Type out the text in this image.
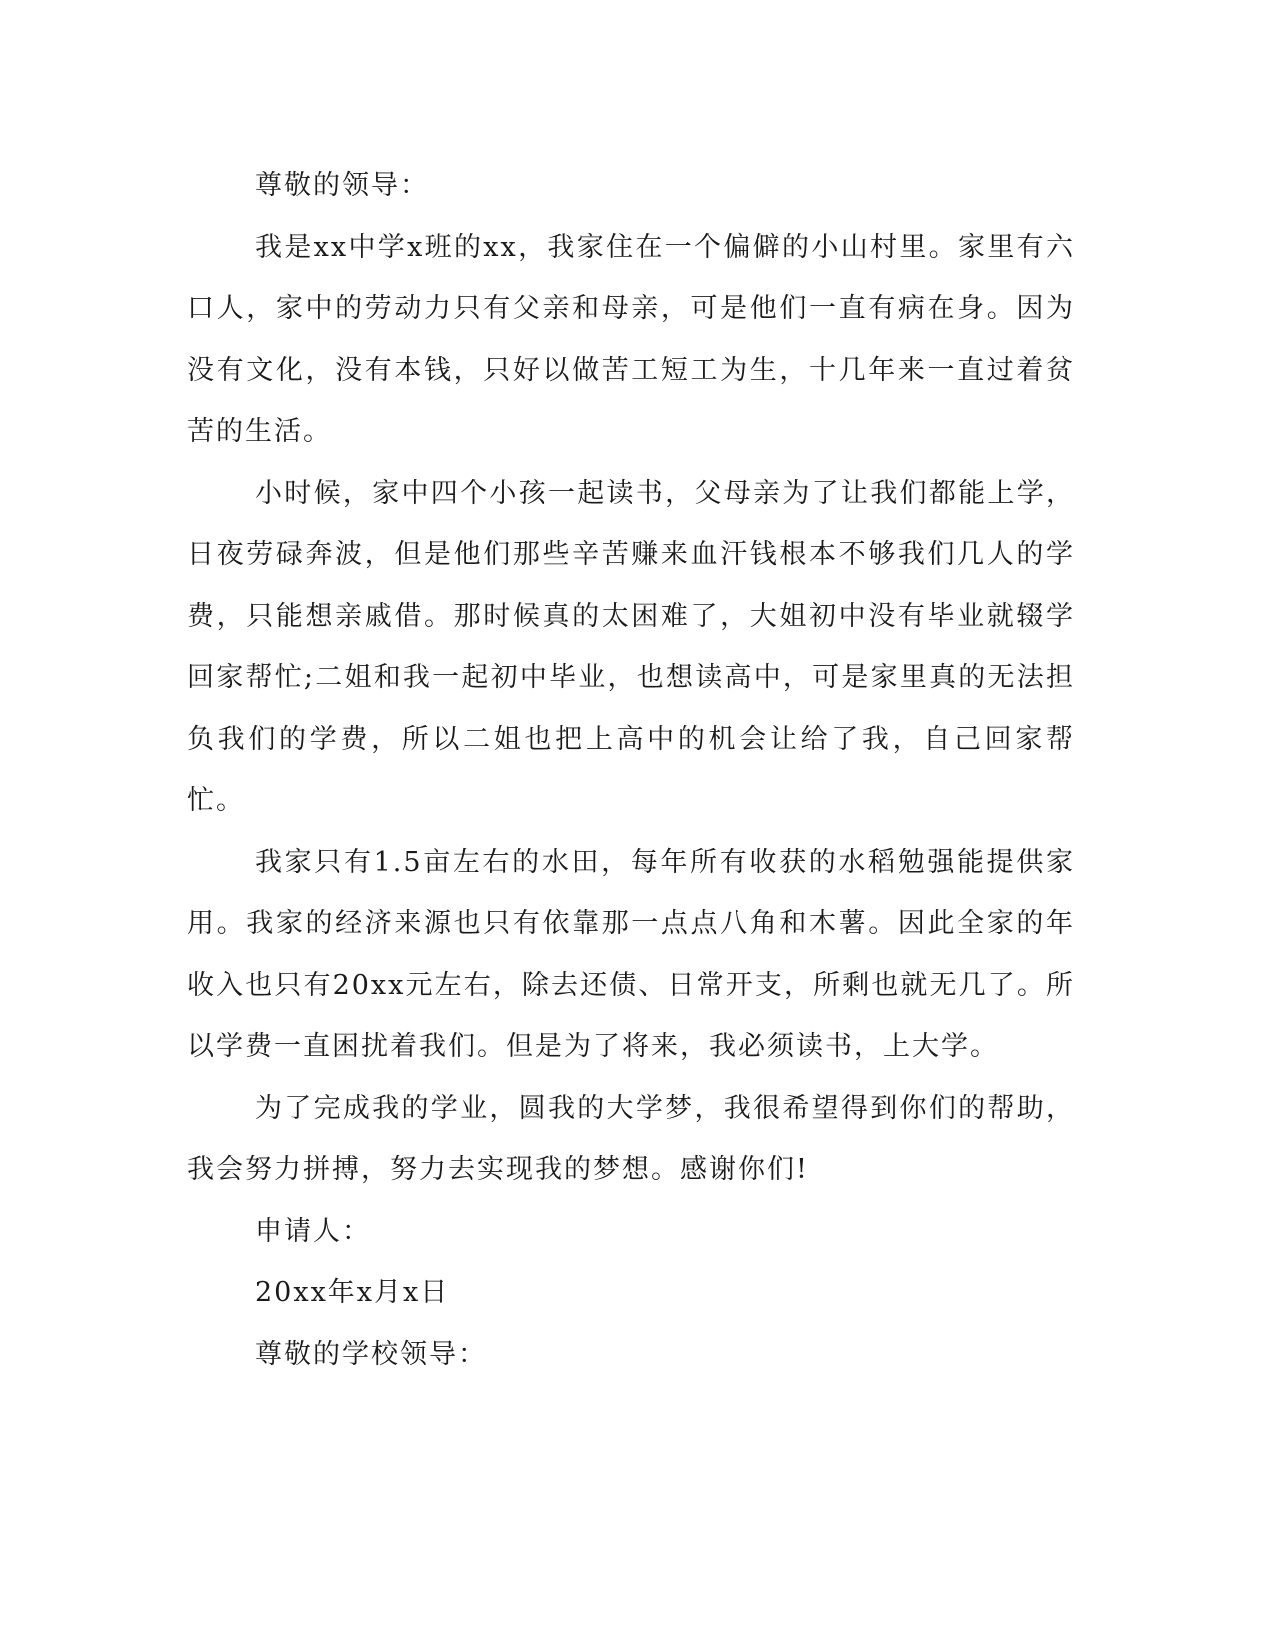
尊敬的领导：

我是xx中学x班的xx，我家住在一个偏僻的小山村里。家里有六口人，家中的劳动力只有父亲和母亲，可是他们一直有病在身。因为没有文化，没有本钱，只好以做苦工短工为生，十几年来一直过着贫苦的生活。

小时候，家中四个小孩一起读书，父母亲为了让我们都能上学，日夜劳碌奔波，但是他们那些辛苦赚来血汗钱根本不够我们几人的学费，只能想亲戚借。那时候真的太困难了，大姐初中没有毕业就辍学回家帮忙;二姐和我一起初中毕业，也想读高中，可是家里真的无法担负我们的学费，所以二姐也把上高中的机会让给了我，自己回家帮忙。

我家只有1.5亩左右的水田，每年所有收获的水稻勉强能提供家用。我家的经济来源也只有依靠那一点点八角和木薯。因此全家的年收入也只有20xx元左右，除去还债、日常开支，所剩也就无几了。所以学费一直困扰着我们。但是为了将来，我必须读书，上大学。

为了完成我的学业，圆我的大学梦，我很希望得到你们的帮助，我会努力拼搏，努力去实现我的梦想。感谢你们!

申请人：

20xx年x月x日

尊敬的学校领导：
